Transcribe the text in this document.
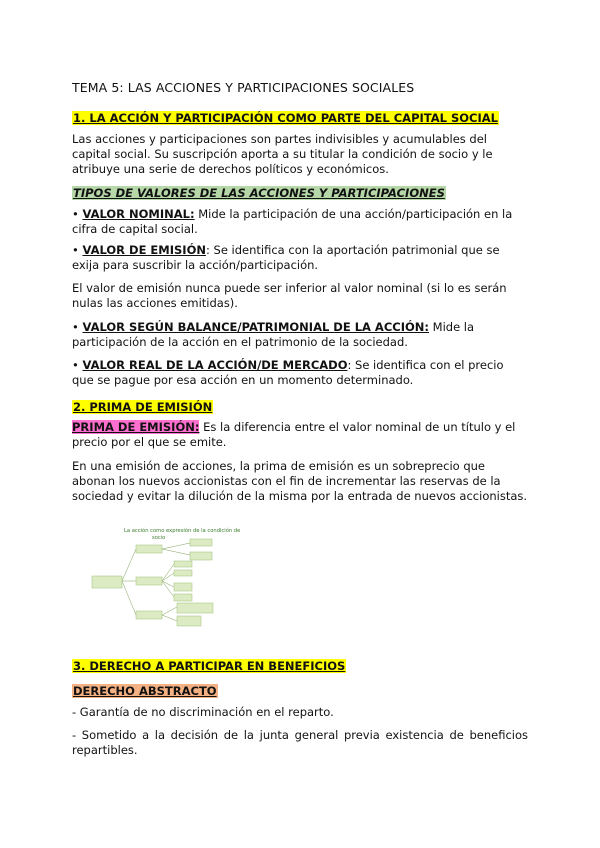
TEMA 5: LAS ACCIONES Y PARTICIPACIONES SOCIALES
1. LA ACCIÓN Y PARTICIPACIÓN COMO PARTE DEL CAPITAL SOCIAL

Las acciones y participaciones son partes indivisibles y acumulables del capital social. Su suscripción aporta a su titular la condición de socio y le atribuye una serie de derechos políticos y económicos.

TIPOS DE VALORES DE LAS ACCIONES Y PARTICIPACIONES

• VALOR NOMINAL: Mide la participación de una acción/participación en la cifra de capital social.

• VALOR DE EMISIÓN: Se identifica con la aportación patrimonial que se exija para suscribir la acción/participación.

El valor de emisión nunca puede ser inferior al valor nominal (si lo es serán nulas las acciones emitidas).

• VALOR SEGÚN BALANCE/PATRIMONIAL DE LA ACCIÓN: Mide la participación de la acción en el patrimonio de la sociedad.

• VALOR REAL DE LA ACCIÓN/DE MERCADO: Se identifica con el precio que se pague por esa acción en un momento determinado.

2. PRIMA DE EMISIÓN

PRIMA DE EMISIÓN: Es la diferencia entre el valor nominal de un título y el precio por el que se emite.

En una emisión de acciones, la prima de emisión es un sobreprecio que abonan los nuevos accionistas con el fin de incrementar las reservas de la sociedad y evitar la dilución de la misma por la entrada de nuevos accionistas.

La acción como expresión de la condición de
socio
3. DERECHO A PARTICIPAR EN BENEFICIOS
DERECHO ABSTRACTO

- Garantía de no discriminación en el reparto.

- Sometido a la decisión de la junta general previa existencia de beneficios repartibles.
